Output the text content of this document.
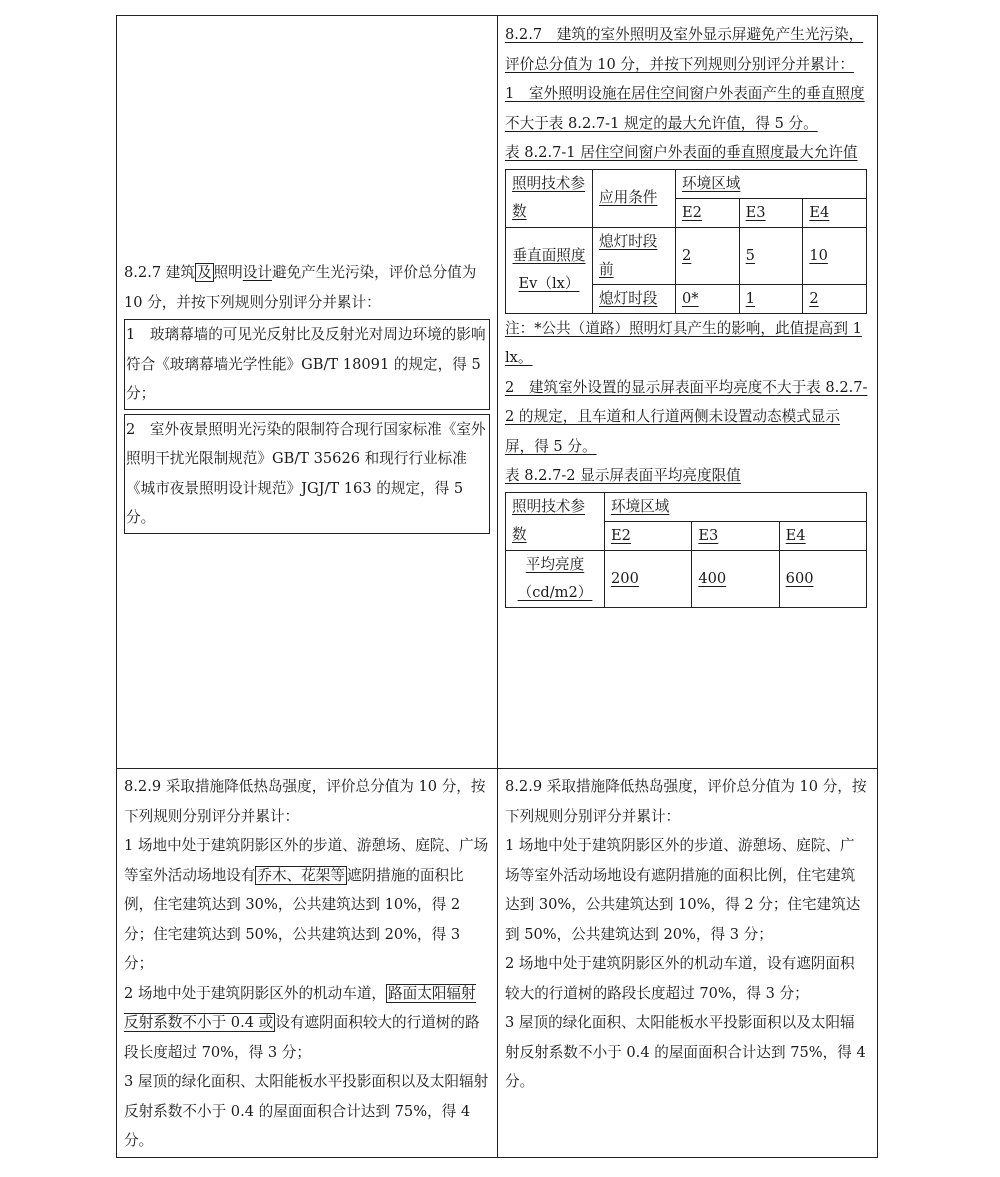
8.2.7 建筑 及 照明设计避免产生光污染，评价总分值为 10 分，并按下列规则分别评分并累计：

1　玻璃幕墙的可见光反射比及反射光对周边环境的影响符合《玻璃幕墙光学性能》GB/T 18091 的规定，得 5 分；
2　室外夜景照明光污染的限制符合现行国家标准《室外照明干扰光限制规范》GB/T 35626 和现行行业标准《城市夜景照明设计规范》JGJ/T 163 的规定，得 5 分。

8.2.7　建筑的室外照明及室外显示屏避免产生光污染，评价总分值为 10 分，并按下列规则分别评分并累计：

1　室外照明设施在居住空间窗户外表面产生的垂直照度不大于表 8.2.7-1 规定的最大允许值，得 5 分。

表 8.2.7-1 居住空间窗户外表面的垂直照度最大允许值

照明技术参数	应用条件	环境区域		
		E2	E3	E4
垂直面照度 Ev（lx）	熄灯时段前	2	5	10
	熄灯时段	0*	1	2

注：*公共（道路）照明灯具产生的影响，此值提高到 1 lx。

2　建筑室外设置的显示屏表面平均亮度不大于表 8.2.7-2 的规定，且车道和人行道两侧未设置动态模式显示屏，得 5 分。

表 8.2.7-2 显示屏表面平均亮度限值

照明技术参数	环境区域		
	E2	E3	E4
平均亮度（cd/m2）	200	400	600

8.2.9 采取措施降低热岛强度，评价总分值为 10 分，按下列规则分别评分并累计：

1 场地中处于建筑阴影区外的步道、游憩场、庭院、广场等室外活动场地设有 乔木、花架等 遮阴措施的面积比例，住宅建筑达到 30%，公共建筑达到 10%，得 2 分；住宅建筑达到 50%，公共建筑达到 20%，得 3 分；

2 场地中处于建筑阴影区外的机动车道， 路面太阳辐射反射系数不小于 0.4 或 设有遮阴面积较大的行道树的路段长度超过 70%，得 3 分；

3 屋顶的绿化面积、太阳能板水平投影面积以及太阳辐射反射系数不小于 0.4 的屋面面积合计达到 75%，得 4 分。

8.2.9 采取措施降低热岛强度，评价总分值为 10 分，按下列规则分别评分并累计：

1 场地中处于建筑阴影区外的步道、游憩场、庭院、广场等室外活动场地设有遮阴措施的面积比例，住宅建筑达到 30%，公共建筑达到 10%，得 2 分；住宅建筑达到 50%，公共建筑达到 20%，得 3 分；

2 场地中处于建筑阴影区外的机动车道，设有遮阴面积较大的行道树的路段长度超过 70%，得 3 分；

3 屋顶的绿化面积、太阳能板水平投影面积以及太阳辐射反射系数不小于 0.4 的屋面面积合计达到 75%，得 4 分。
